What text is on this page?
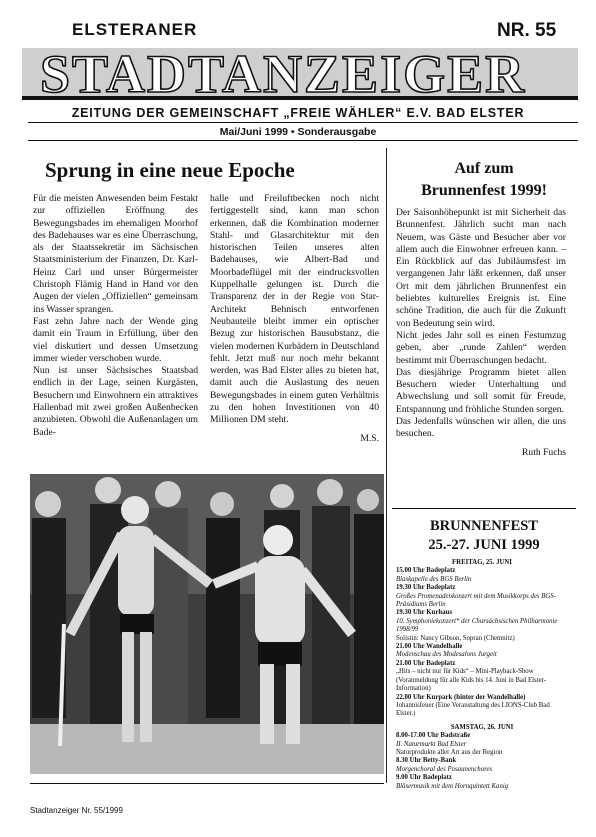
ELSTERANER	NR. 55
STADTANZEIGER
ZEITUNG DER GEMEINSCHAFT „FREIE WÄHLER“ E.V. BAD ELSTER
Mai/Juni 1999 • Sonderausgabe
Sprung in eine neue Epoche

Für die meisten Anwesenden beim Festakt zur offiziellen Eröffnung des Bewegungsbades im ehemaligen Moorhof des Badehauses war es eine Überraschung, als der Staatssekretär im Sächsischen Staatsministerium der Finanzen, Dr. Karl-Heinz Carl und unser Bürgermeister Christoph Flämig Hand in Hand vor den Augen der vielen „Offiziellen“ gemeinsam ins Wasser sprangen.

Fast zehn Jahre nach der Wende ging damit ein Traum in Erfüllung, über den viel diskutiert und dessen Umsetzung immer wieder verschoben wurde.

Nun ist unser Sächsisches Staatsbad endlich in der Lage, seinen Kurgästen, Besuchern und Einwohnern ein attraktives Hallenbad mit zwei großen Außenbecken anzubieten. Obwohl die Außenanlagen um Bade-

halle und Freiluftbecken noch nicht fertiggestellt sind, kann man schon erkennen, daß die Kombination moderner Stahl- und Glasarchitektur mit den historischen Teilen unseres alten Badehauses, wie Albert-Bad und Moorbadeflügel mit der eindrucksvollen Kuppelhalle gelungen ist. Durch die Transparenz der in der Regie von Star-Architekt Behnisch entworfenen Neubauteile bleibt immer ein optischer Bezug zur historischen Bausubstanz, die vielen modernen Kurbädern in Deutschland fehlt. Jetzt muß nur noch mehr bekannt werden, was Bad Elster alles zu bieten hat, damit auch die Auslastung des neuen Bewegungsbades in einem guten Verhältnis zu den hohen Investitionen von 40 Millionen DM steht.

M.S.

Auf zum
Brunnenfest 1999!

Der Saisonhöhepunkt ist mit Sicherheit das Brunnenfest. Jährlich sucht man nach Neuem, was Gäste und Besucher aber vor allem auch die Einwohner erfreuen kann. – Ein Rückblick auf das Jubiläumsfest im vergangenen Jahr läßt erkennen, daß unser Ort mit dem jährlichen Brunnenfest ein beliebtes kulturelles Ereignis ist. Eine schöne Tradition, die auch für die Zukunft von Bedeutung sein wird.

Nicht jedes Jahr soll es einen Festumzug geben, aber „runde Zahlen“ werden bestimmt mit Überraschungen bedacht.

Das diesjährige Programm bietet allen Besuchern wieder Unterhaltung und Abwechslung und soll somit für Freude, Entspannung und fröhliche Stunden sorgen.

Das Jedenfalls wünschen wir allen, die uns besuchen.

Ruth Fuchs

BRUNNENFEST
25.-27. JUNI 1999
FREITAG, 25. JUNI
15.00 Uhr Badeplatz
Blaskapelle des BGS Berlin
19.30 Uhr Badeplatz
Großes Promenadenkonzert mit dem Musikkorps des BGS-Präsidiums Berlin
19.30 Uhr Kurhaus
10. Symphoniekonzert* der Chursächsischen Philharmonie 1998/99
Solistin: Nancy Gibson, Sopran (Chemnitz)
21.00 Uhr Wandelhalle
Modenschau des Modesalons Jurgeit
21.00 Uhr Badeplatz
„Hits – nicht nur für Kids“ – Mini-Playback-Show (Voranmeldung für alle Kids bis 14. Juni in Bad Elster-Information)
22.00 Uhr Kurpark (hinter der Wandelhalle)
Johannisfeuer (Eine Veranstaltung des LIONS-Club Bad Elster.)
SAMSTAG, 26. JUNI
8.00-17.00 Uhr Badstraße
II. Naturmarkt Bad Elster
Naturprodukte aller Art aus der Region
8.30 Uhr Betty-Bank
Morgenchoral des Posaunenchores
9.00 Uhr Badeplatz
Bläsermusik mit dem Hornquintett Kanig
Stadtanzeiger Nr. 55/1999
